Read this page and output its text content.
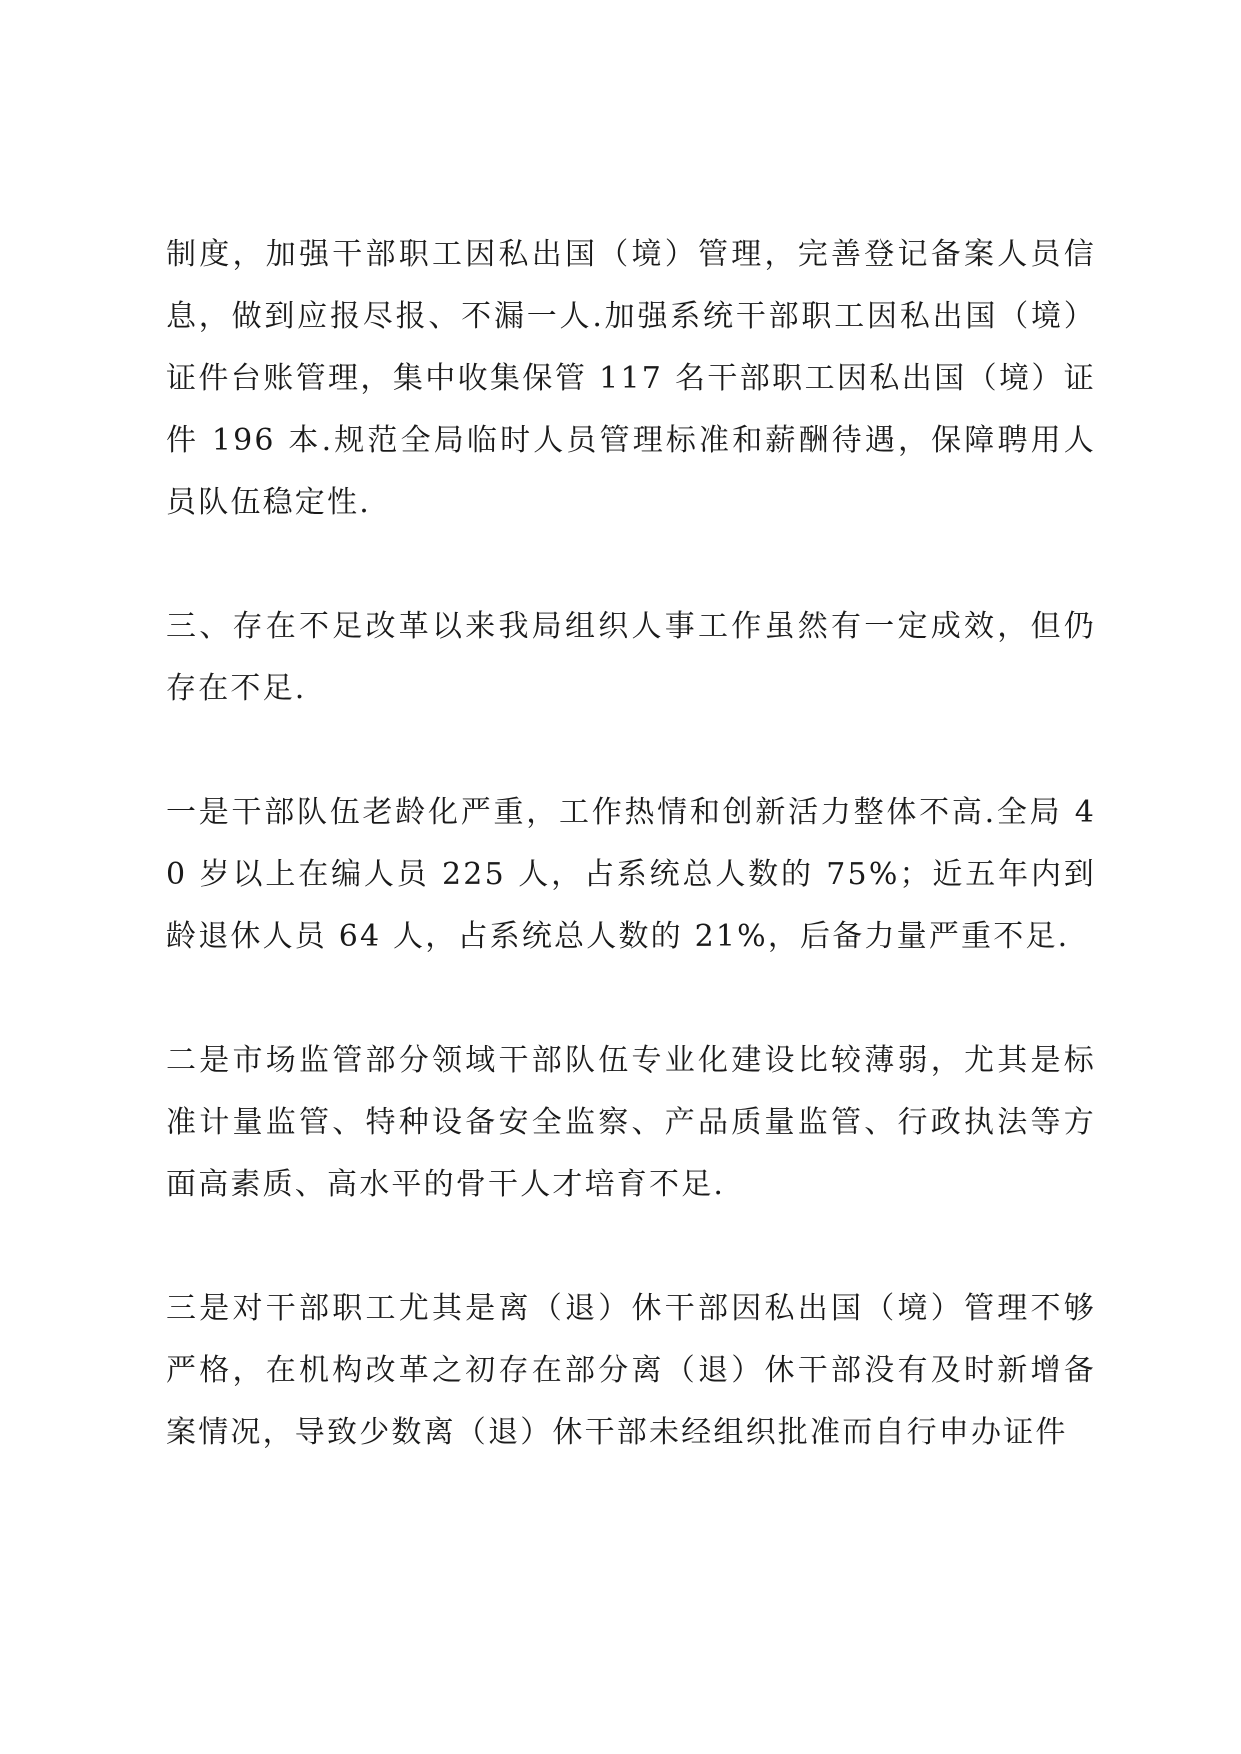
制度，加强干部职工因私出国（境）管理，完善登记备案人员信息，做到应报尽报、不漏一人.加强系统干部职工因私出国（境）证件台账管理，集中收集保管 117 名干部职工因私出国（境）证件 196 本.规范全局临时人员管理标准和薪酬待遇，保障聘用人员队伍稳定性.

三、存在不足改革以来我局组织人事工作虽然有一定成效，但仍存在不足.

一是干部队伍老龄化严重，工作热情和创新活力整体不高.全局 40 岁以上在编人员 225 人，占系统总人数的 75%；近五年内到龄退休人员 64 人，占系统总人数的 21%，后备力量严重不足.

二是市场监管部分领域干部队伍专业化建设比较薄弱，尤其是标准计量监管、特种设备安全监察、产品质量监管、行政执法等方面高素质、高水平的骨干人才培育不足.

三是对干部职工尤其是离（退）休干部因私出国（境）管理不够严格，在机构改革之初存在部分离（退）休干部没有及时新增备案情况，导致少数离（退）休干部未经组织批准而自行申办证件
